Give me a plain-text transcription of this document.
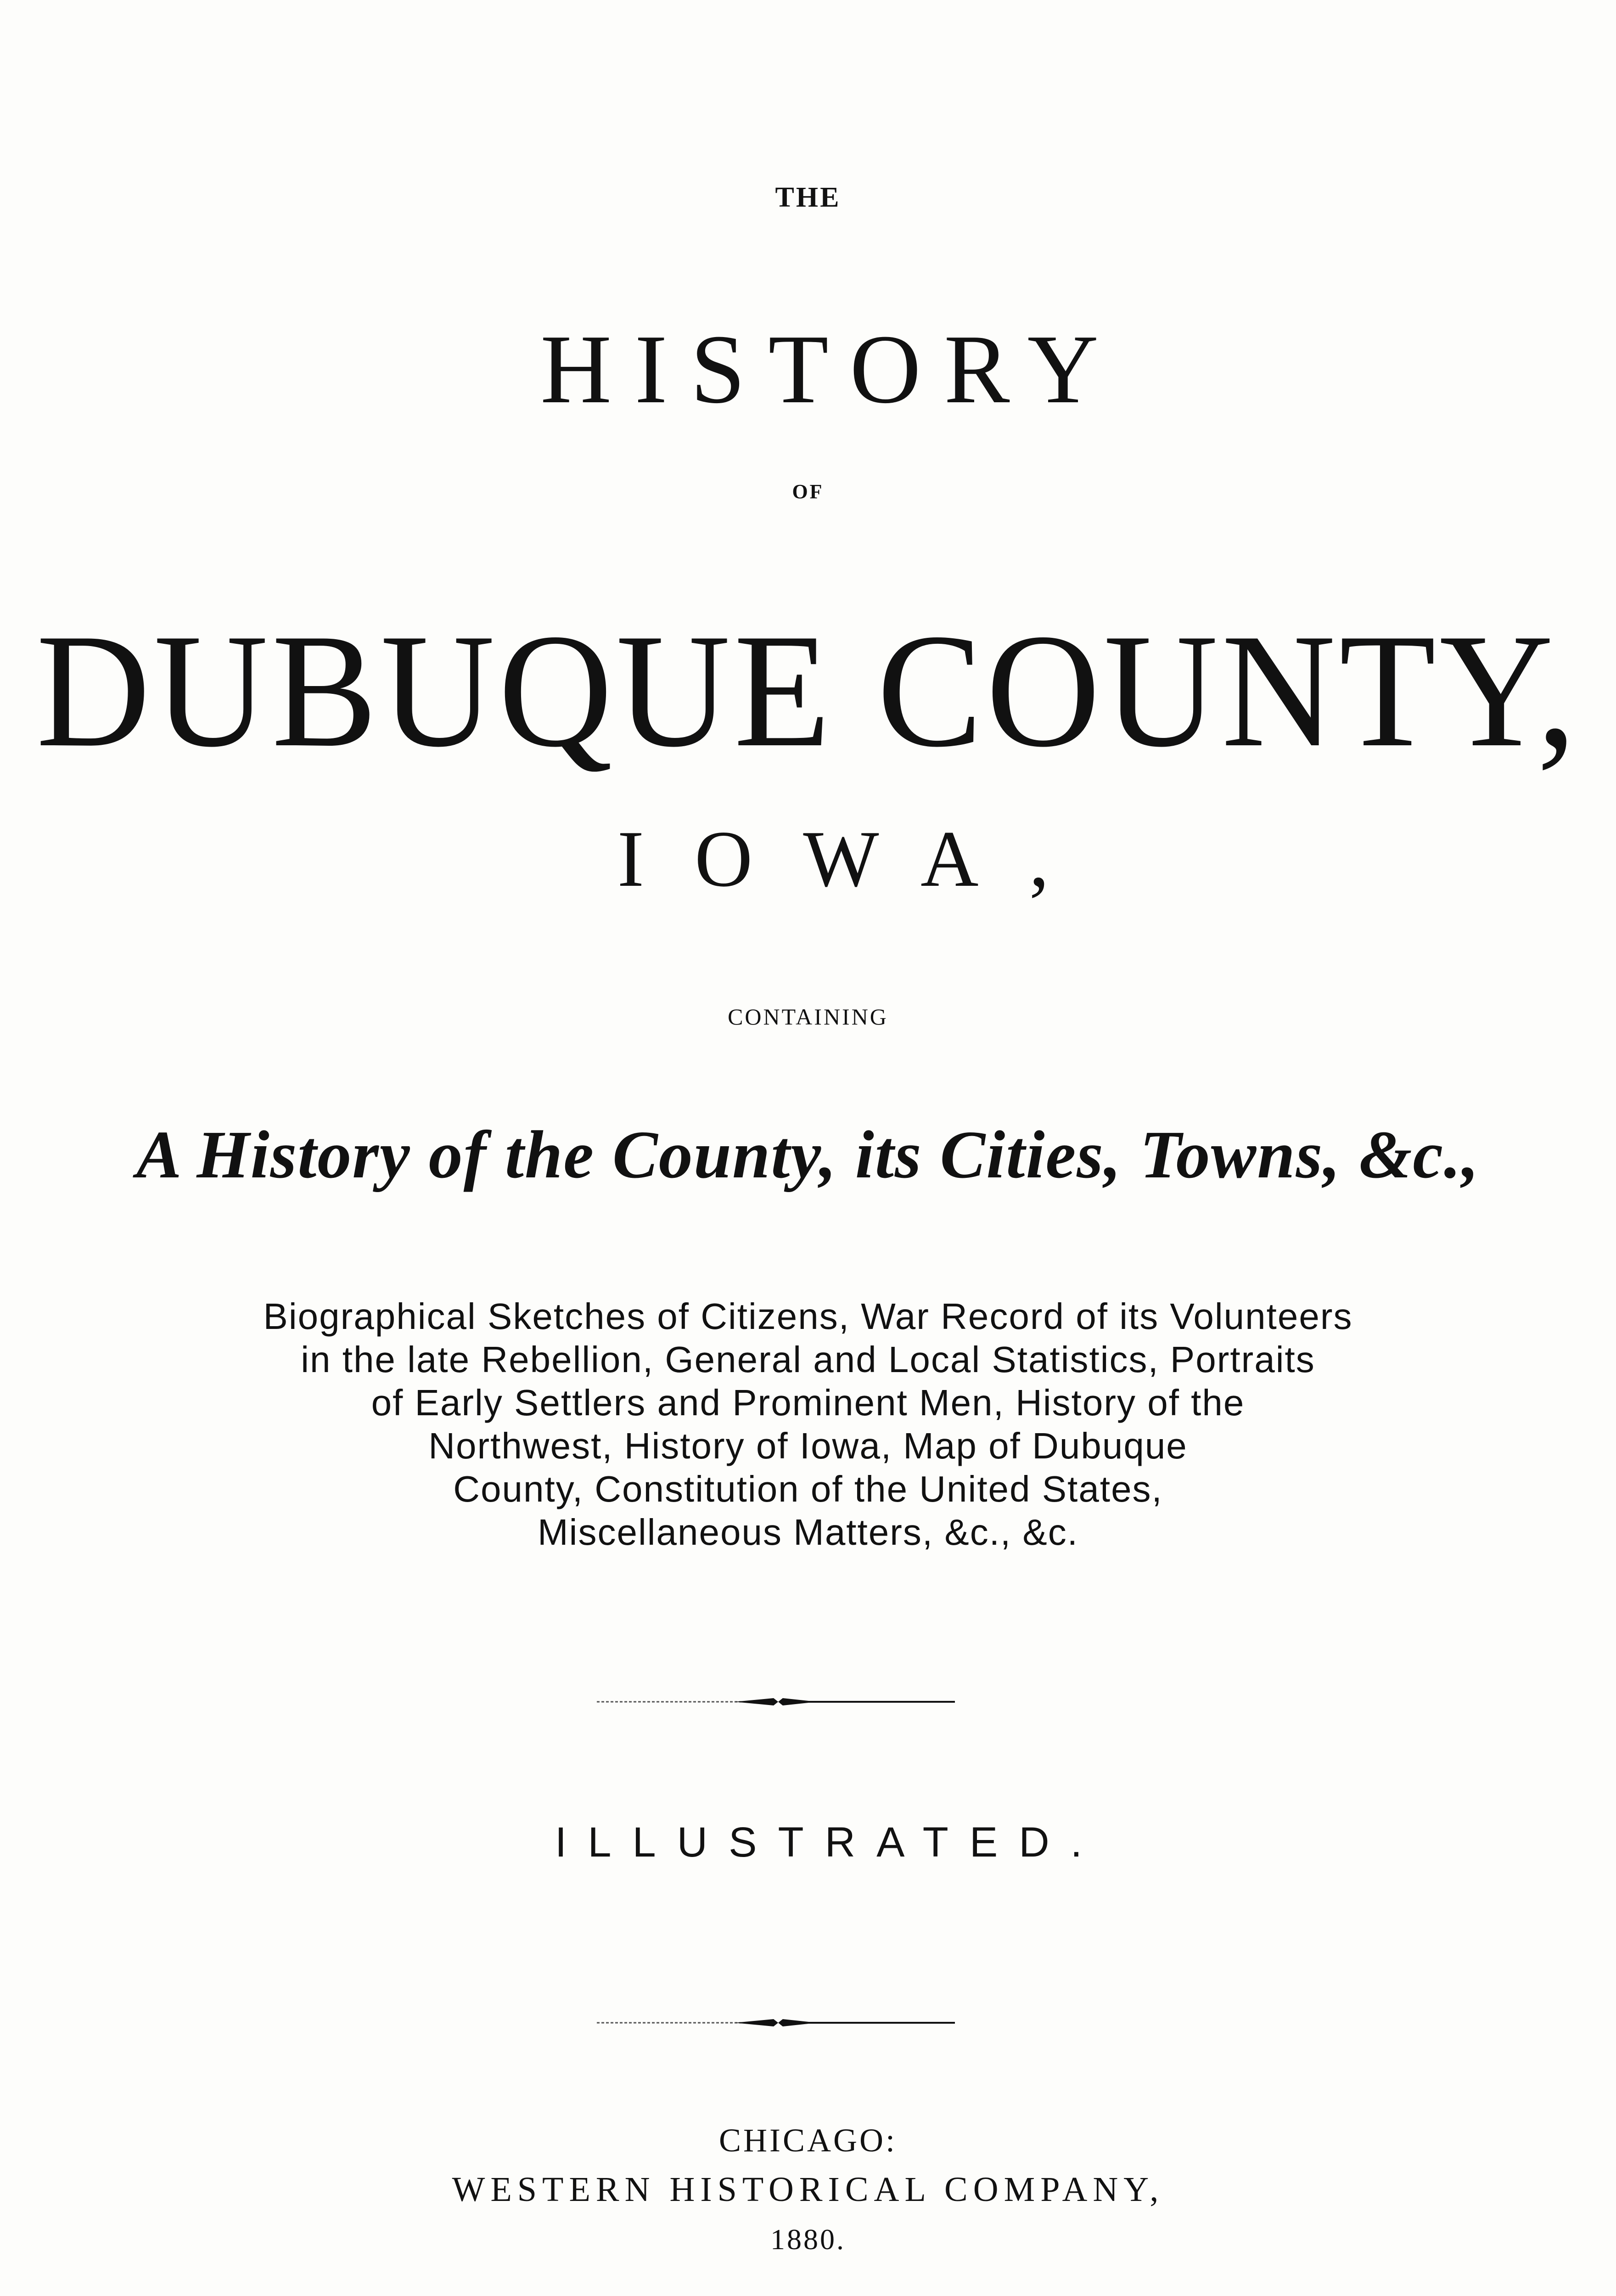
THE
HISTORY
OF
DUBUQUE COUNTY,
IOWA,
CONTAINING
A History of the County, its Cities, Towns, &c.,
Biographical Sketches of Citizens, War Record of its Volunteers
in the late Rebellion, General and Local Statistics, Portraits
of Early Settlers and Prominent Men, History of the
Northwest, History of Iowa, Map of Dubuque
County, Constitution of the United States,
Miscellaneous Matters, &c., &c.
ILLUSTRATED.
CHICAGO:
WESTERN HISTORICAL COMPANY,
1880.
